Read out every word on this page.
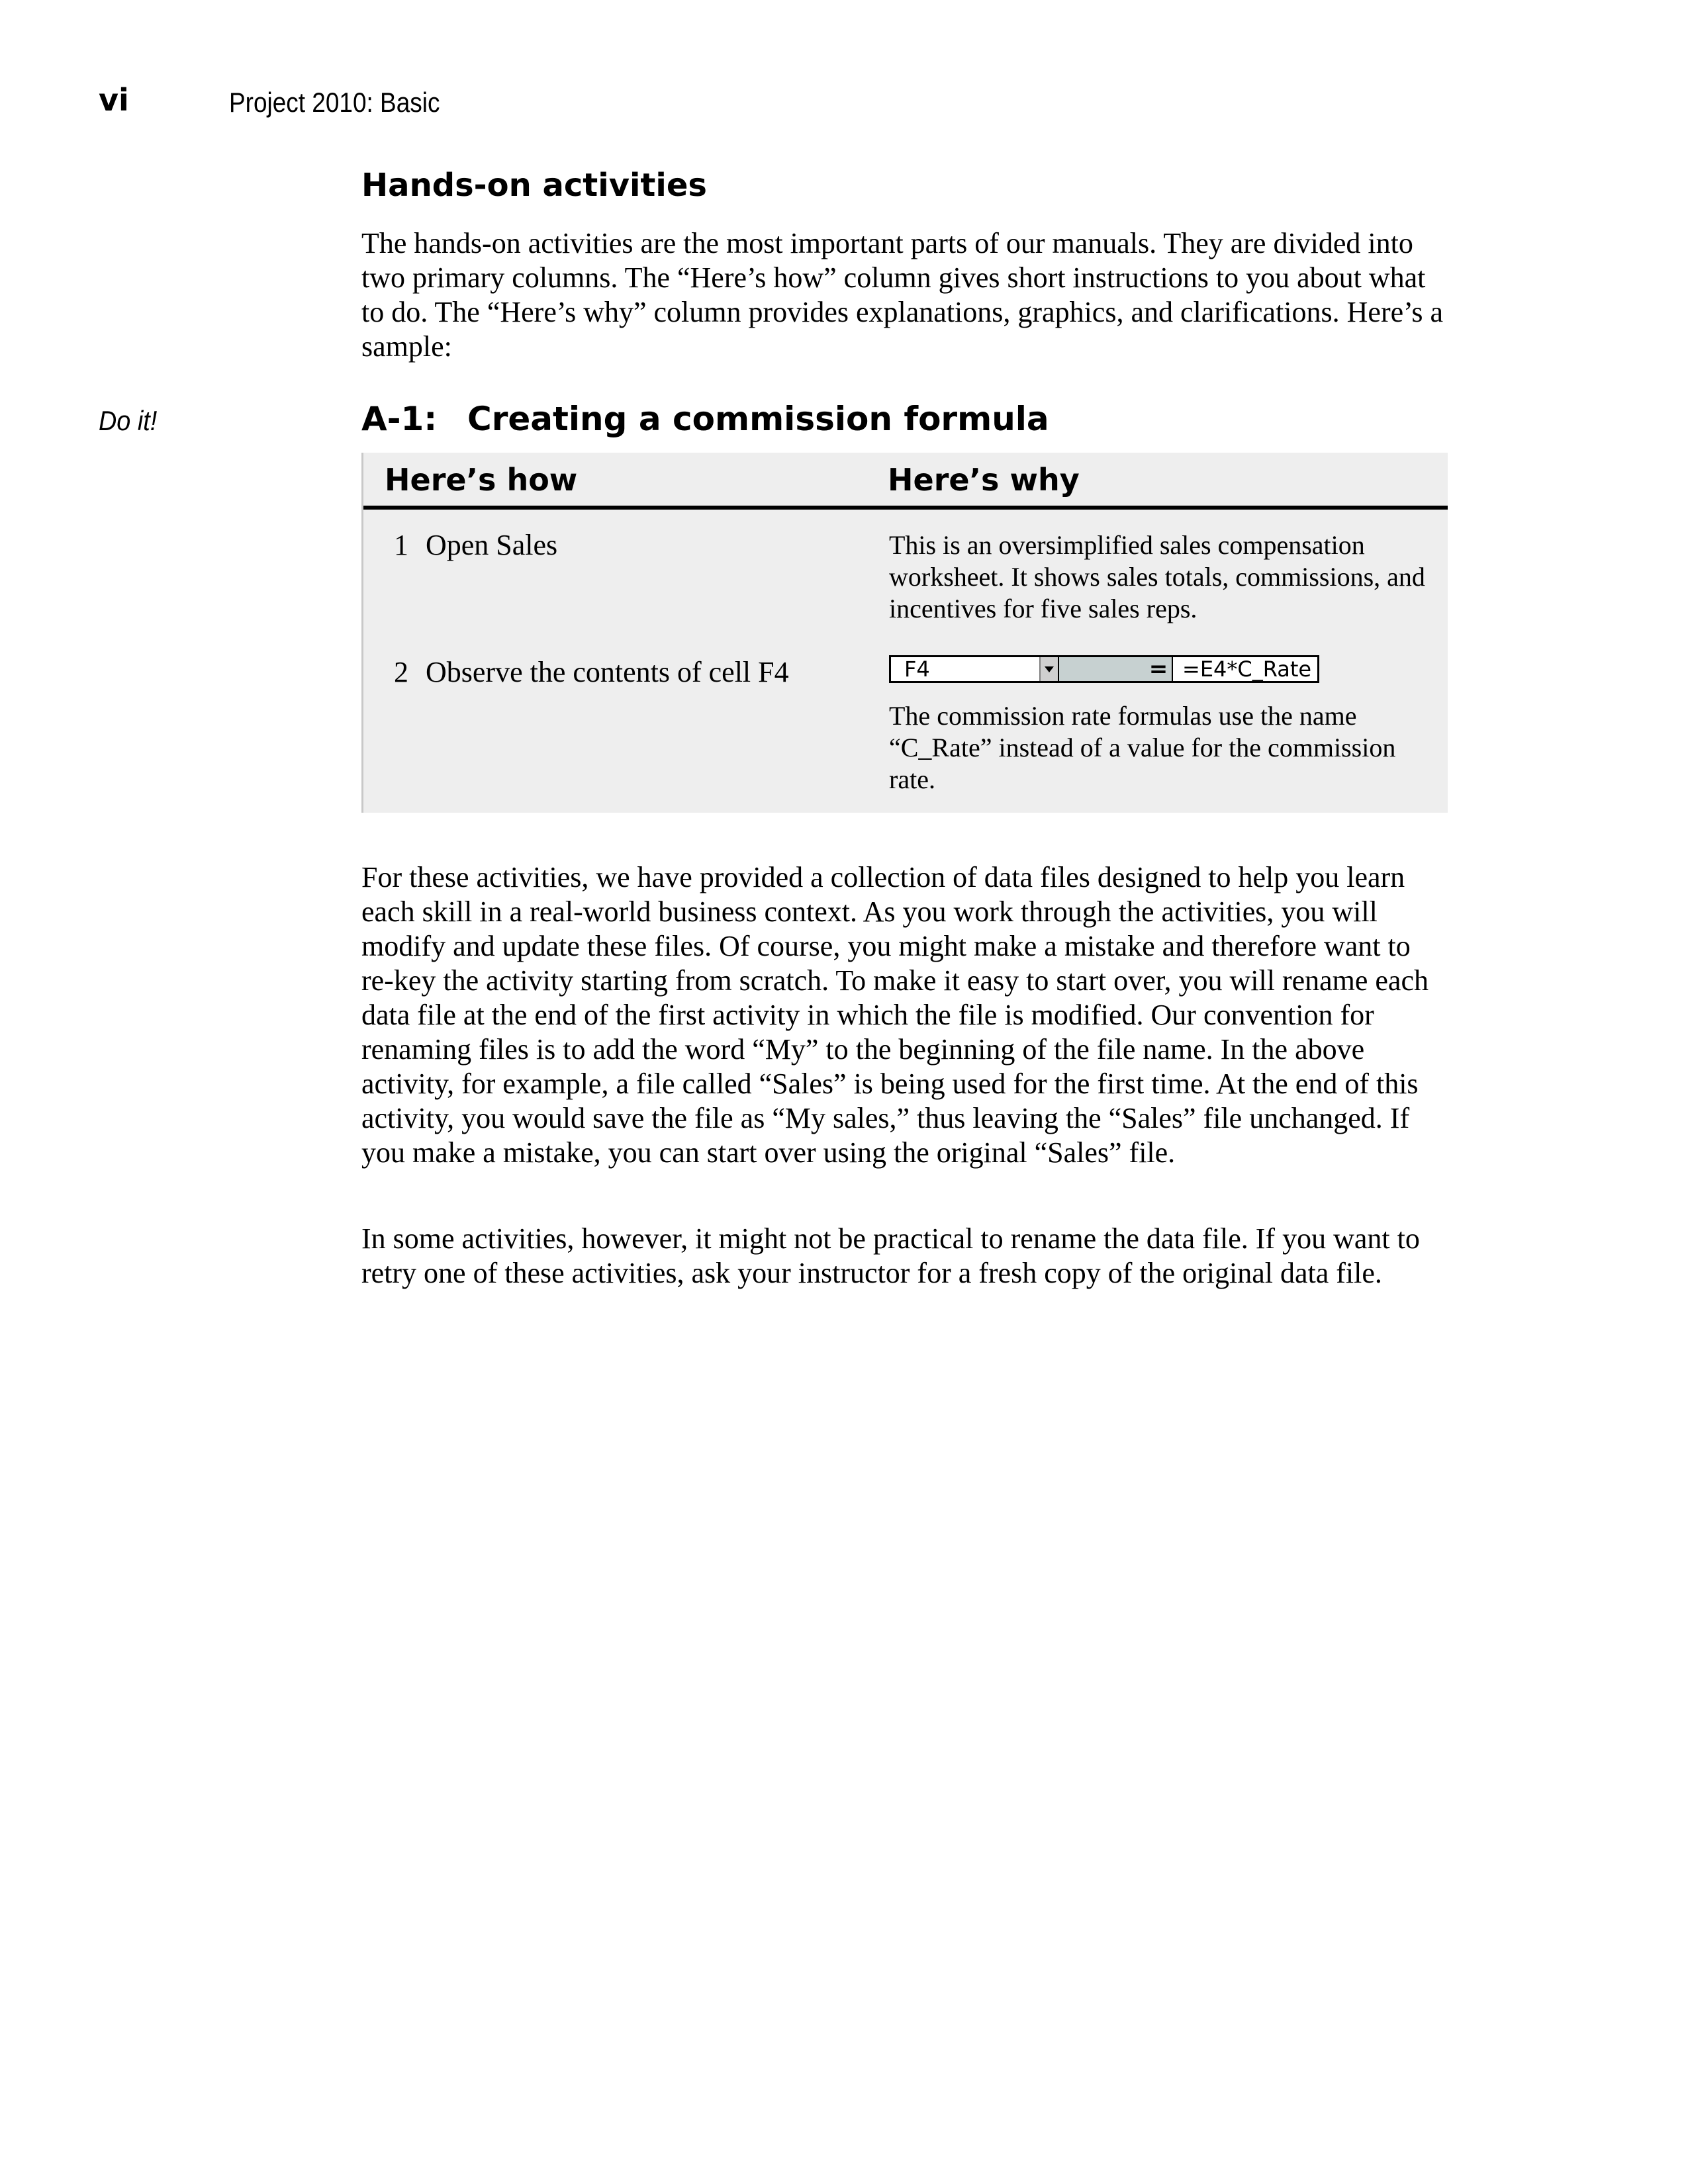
vi	Project 2010: Basic
Hands-on activities
The hands-on activities are the most important parts of our manuals. They are divided into two primary columns. The “Here’s how” column gives short instructions to you about what to do. The “Here’s why” column provides explanations, graphics, and clarifications. Here’s a sample:
Do it!	A-1: Creating a commission formula
Here’s how	Here’s why
1 Open Sales	This is an oversimplified sales compensation worksheet. It shows sales totals, commissions, and incentives for five sales reps.
2 Observe the contents of cell F4	F4	= =E4*C_Rate
The commission rate formulas use the name “C_Rate” instead of a value for the commission rate.
For these activities, we have provided a collection of data files designed to help you learn each skill in a real-world business context. As you work through the activities, you will modify and update these files. Of course, you might make a mistake and therefore want to re-key the activity starting from scratch. To make it easy to start over, you will rename each data file at the end of the first activity in which the file is modified. Our convention for renaming files is to add the word “My” to the beginning of the file name. In the above activity, for example, a file called “Sales” is being used for the first time. At the end of this activity, you would save the file as “My sales,” thus leaving the “Sales” file unchanged. If you make a mistake, you can start over using the original “Sales” file.
In some activities, however, it might not be practical to rename the data file. If you want to retry one of these activities, ask your instructor for a fresh copy of the original data file.
